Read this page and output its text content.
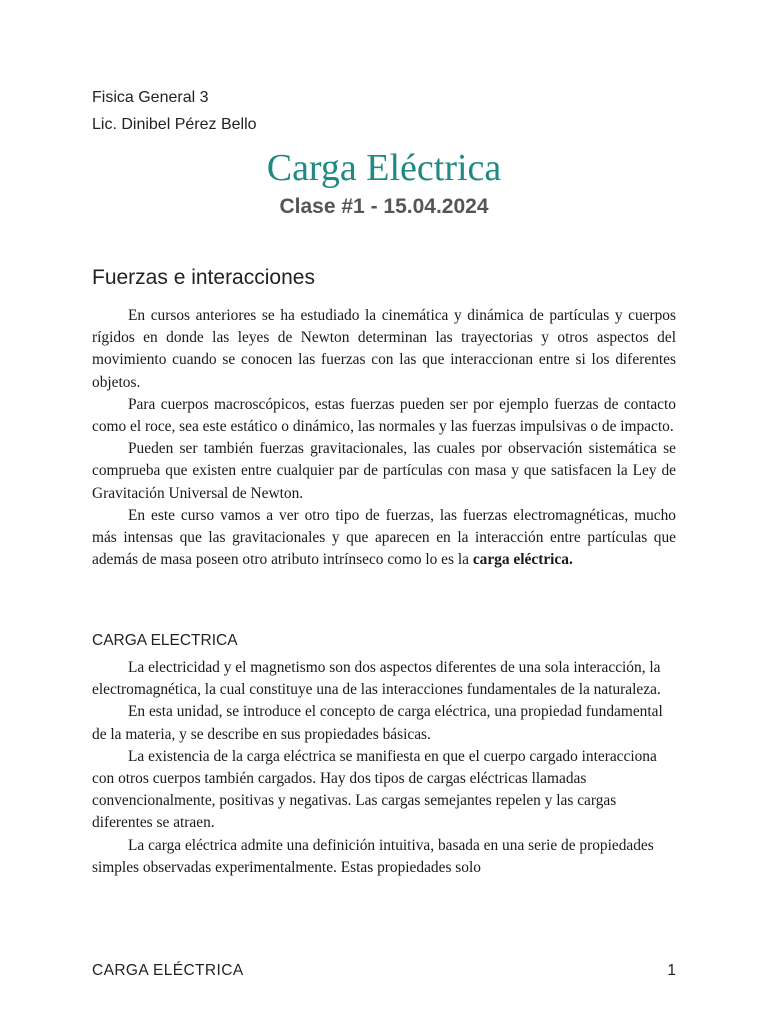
Fisica General 3
Lic. Dinibel Pérez Bello
Carga Eléctrica
Clase #1 - 15.04.2024
Fuerzas e interacciones

En cursos anteriores se ha estudiado la cinemática y dinámica de partículas y cuerpos rígidos en donde las leyes de Newton determinan las trayectorias y otros aspectos del movimiento cuando se conocen las fuerzas con las que interaccionan entre si los diferentes objetos.

Para cuerpos macroscópicos, estas fuerzas pueden ser por ejemplo fuerzas de contacto como el roce, sea este estático o dinámico, las normales y las fuerzas impulsivas o de impacto.

Pueden ser también fuerzas gravitacionales, las cuales por observación sistemática se comprueba que existen entre cualquier par de partículas con masa y que satisfacen la Ley de Gravitación Universal de Newton.

En este curso vamos a ver otro tipo de fuerzas, las fuerzas electromagnéticas, mucho más intensas que las gravitacionales y que aparecen en la interacción entre partículas que además de masa poseen otro atributo intrínseco como lo es la carga eléctrica.

CARGA ELECTRICA

La electricidad y el magnetismo son dos aspectos diferentes de una sola interacción, la electromagnética, la cual constituye una de las interacciones fundamentales de la naturaleza.

En esta unidad, se introduce el concepto de carga eléctrica, una propiedad fundamental de la materia, y se describe en sus propiedades básicas.

La existencia de la carga eléctrica se manifiesta en que el cuerpo cargado interacciona con otros cuerpos también cargados. Hay dos tipos de cargas eléctricas llamadas convencionalmente, positivas y negativas. Las cargas semejantes repelen y las cargas diferentes se atraen.

La carga eléctrica admite una definición intuitiva, basada en una serie de propiedades simples observadas experimentalmente. Estas propiedades solo

CARGA ELÉCTRICA	1
